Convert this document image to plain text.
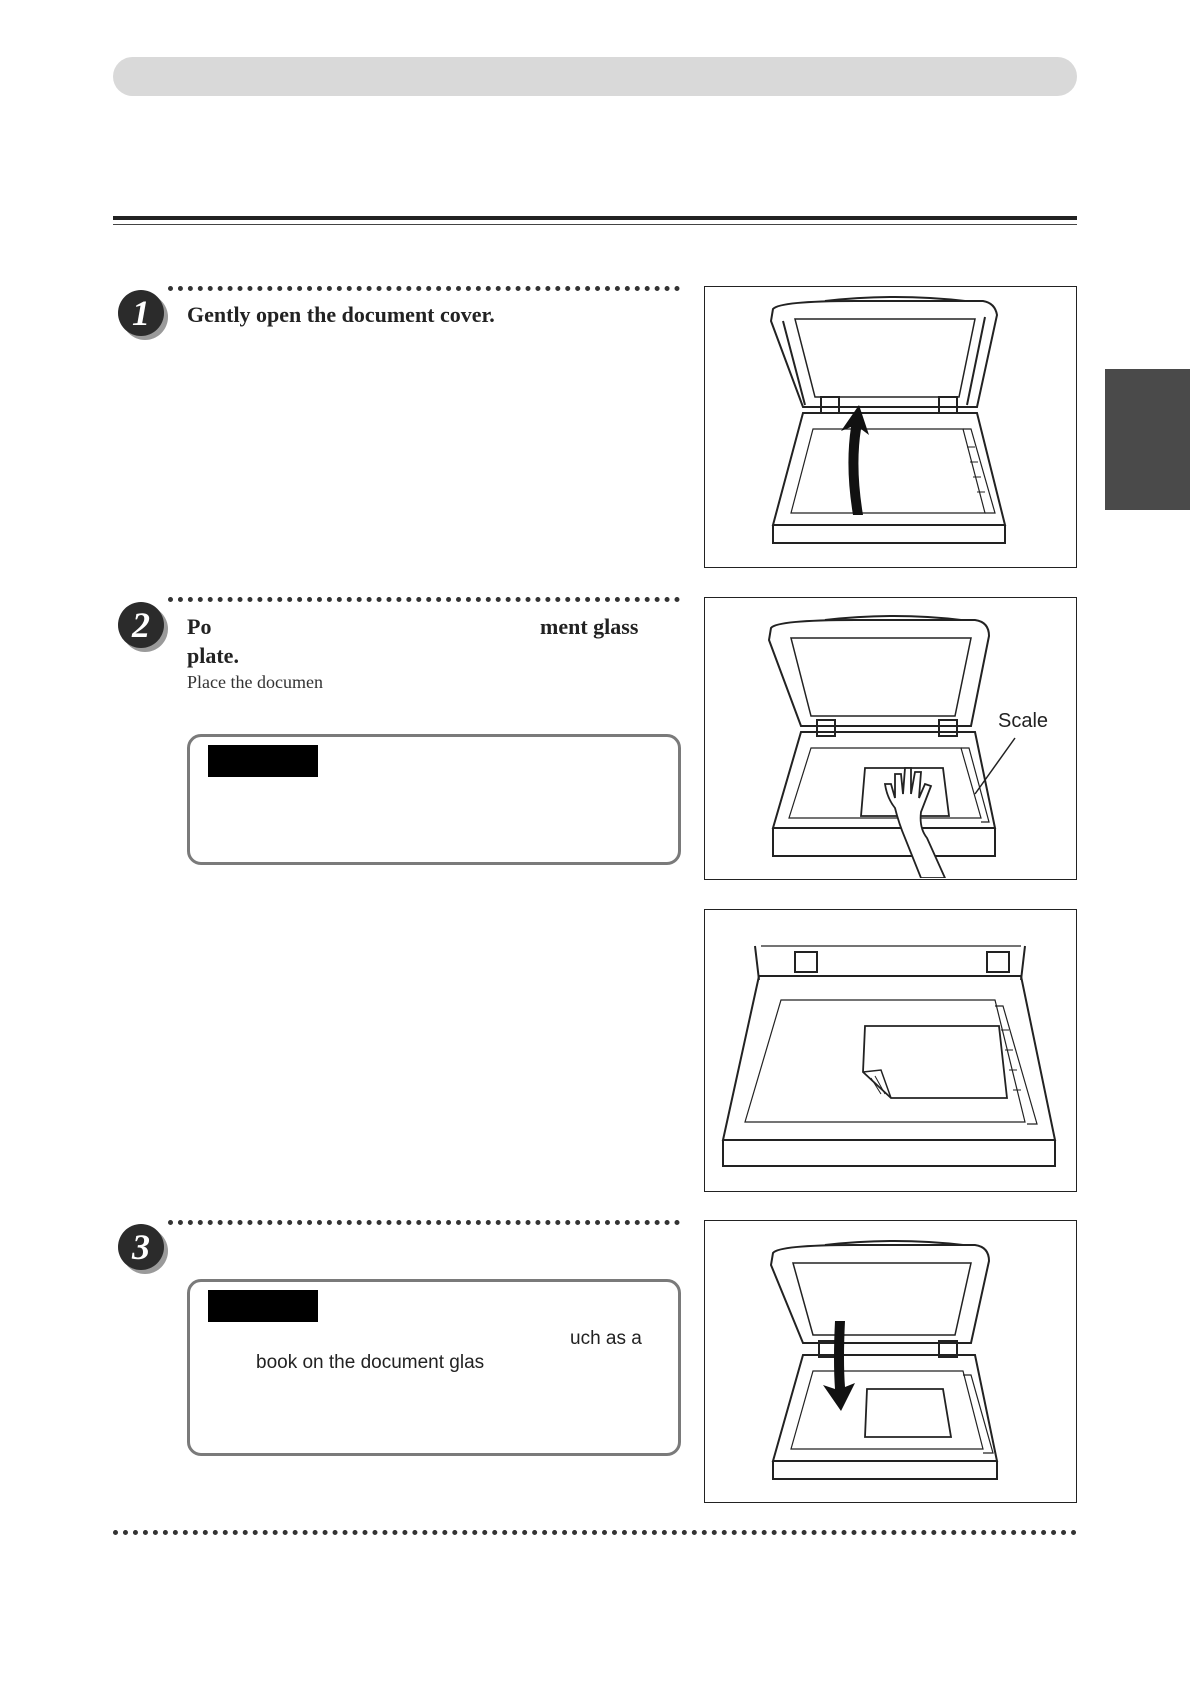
1	Gently open the document cover.
2	Po	ment glass
plate.
Place the documen
Scale
3
uch as a
book on the document glas
